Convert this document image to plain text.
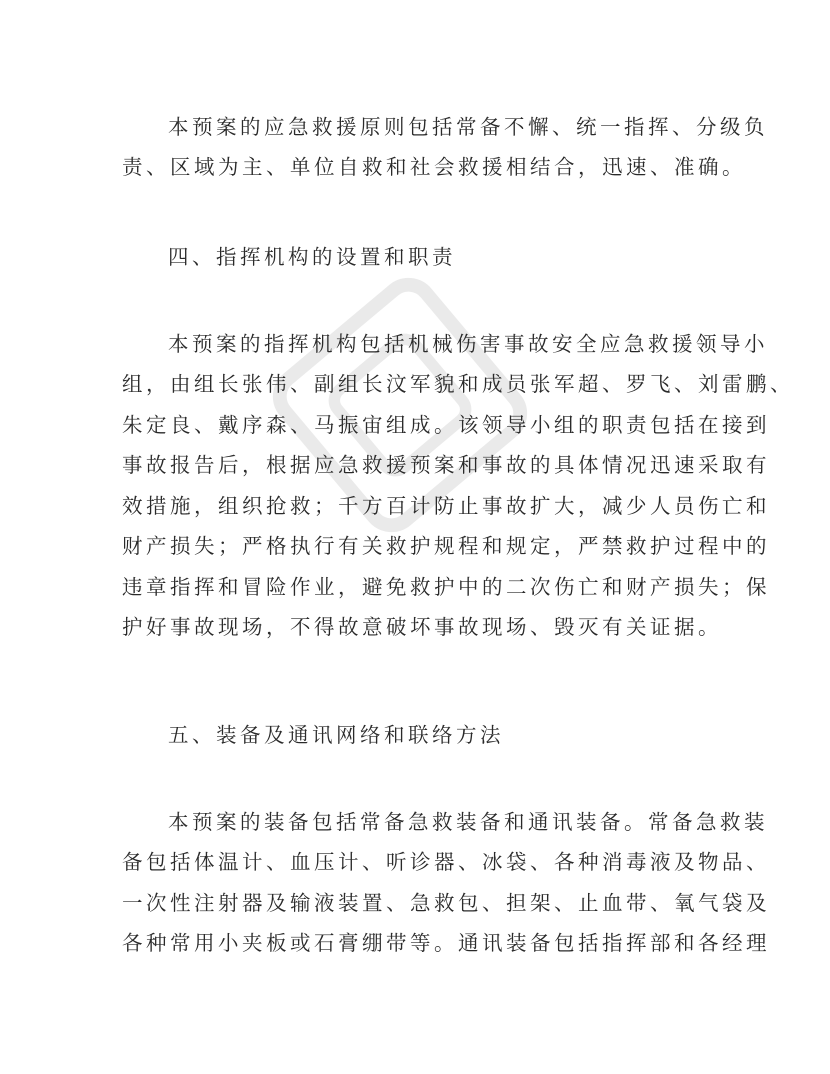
本预案的应急救援原则包括常备不懈、统一指挥、分级负
责、区域为主、单位自救和社会救援相结合，迅速、准确。
四、指挥机构的设置和职责
本预案的指挥机构包括机械伤害事故安全应急救援领导小
组，由组长张伟、副组长汶军貌和成员张军超、罗飞、刘雷鹏、
朱定良、戴序森、马振宙组成。该领导小组的职责包括在接到
事故报告后，根据应急救援预案和事故的具体情况迅速采取有
效措施，组织抢救；千方百计防止事故扩大，减少人员伤亡和
财产损失；严格执行有关救护规程和规定，严禁救护过程中的
违章指挥和冒险作业，避免救护中的二次伤亡和财产损失；保
护好事故现场，不得故意破坏事故现场、毁灭有关证据。
五、装备及通讯网络和联络方法
本预案的装备包括常备急救装备和通讯装备。常备急救装
备包括体温计、血压计、听诊器、冰袋、各种消毒液及物品、
一次性注射器及输液装置、急救包、担架、止血带、氧气袋及
各种常用小夹板或石膏绷带等。通讯装备包括指挥部和各经理
